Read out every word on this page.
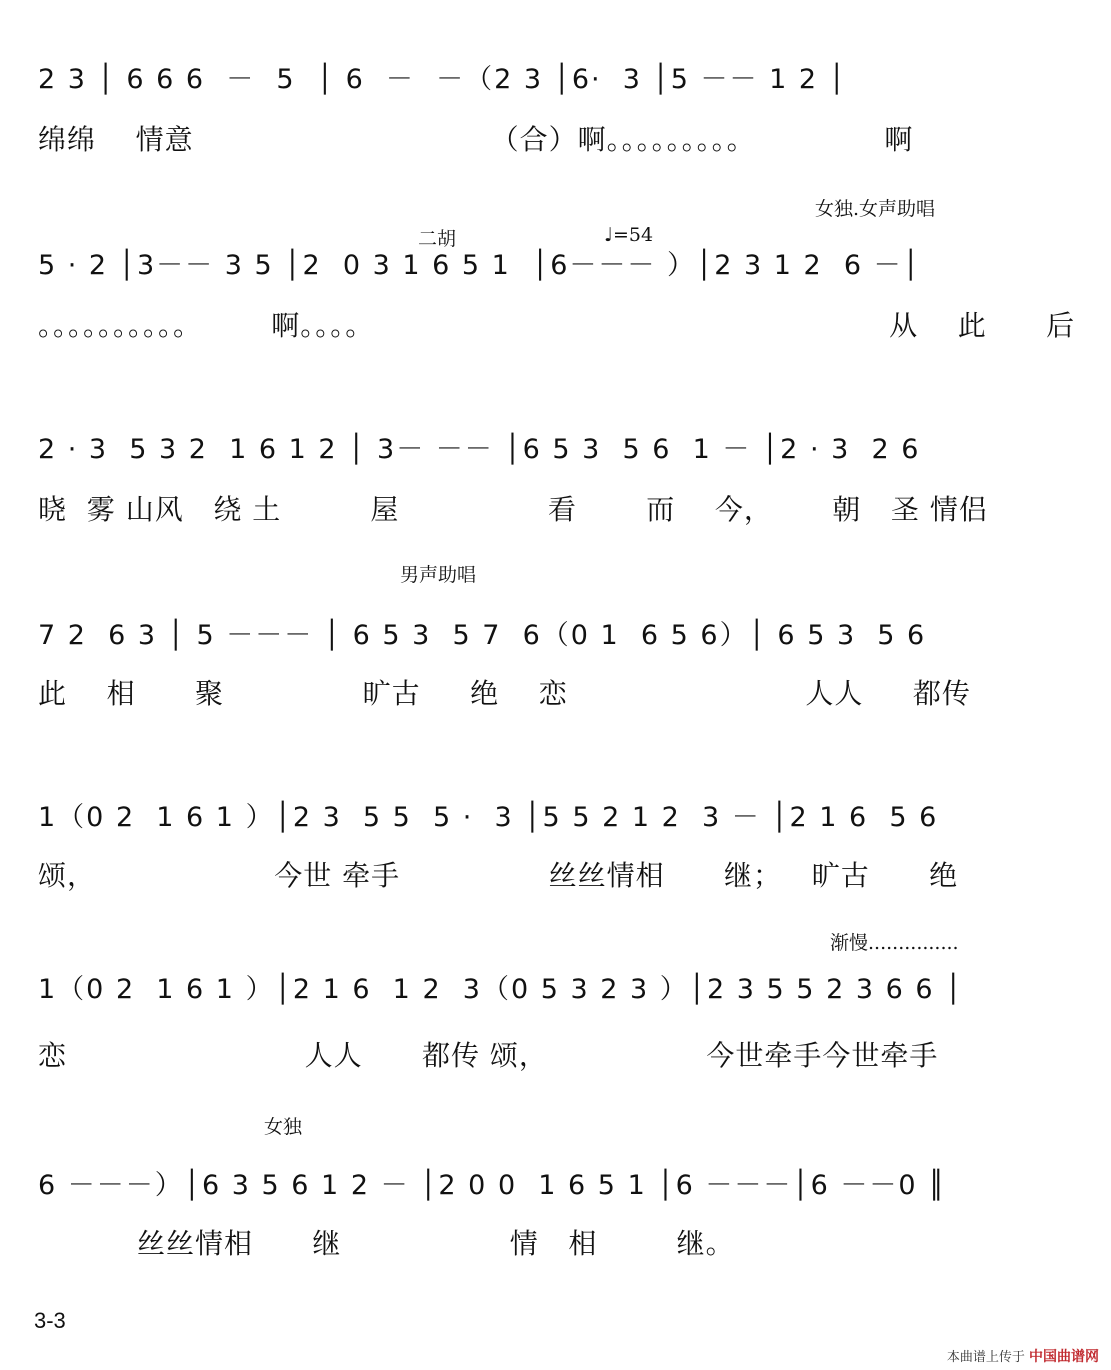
2 3 │ 6 6 6  －  5  │ 6  －  －（2 3 │6·  3 │5 －－ 1 2 │
绵绵    情意                              （合）啊。。。。。。。。。             啊
女独.女声助唱
二胡	♩=54
5 · 2 │3－－ 3 5 │2  0 3 1 6 5 1  │6－－－ ）│2 3 1 2  6 －│
。。。。。。。。。。       啊。。。。                                                    从    此      后
2 · 3  5 3 2  1 6 1 2 │ 3－ －－ │6 5 3  5 6  1 － │2 · 3  2 6
晓  雾 山风   绕 土         屋               看       而    今，      朝   圣 情侣
男声助唱
7 2  6 3 │ 5 －－－ │ 6 5 3  5 7  6（0 1  6 5 6）│ 6 5 3  5 6
此    相      聚              旷古     绝    恋                        人人     都传
1（0 2  1 6 1 ）│2 3  5 5  5 ·  3 │5 5 2 1 2  3 － │2 1 6  5 6
颂，                  今世 牵手               丝丝情相      继；   旷古      绝
渐慢...............
1（0 2  1 6 1 ）│2 1 6  1 2  3（0 5 3 2 3 ）│2 3 5 5 2 3 6 6 │
恋                        人人      都传 颂，                今世牵手今世牵手
女独
6 －－－）│6 3 5 6 1 2 － │2 0 0  1 6 5 1 │6 －－－│6 －－0 ║
丝丝情相      继                 情   相        继。
3-3
本曲谱上传于 中国曲谱网
